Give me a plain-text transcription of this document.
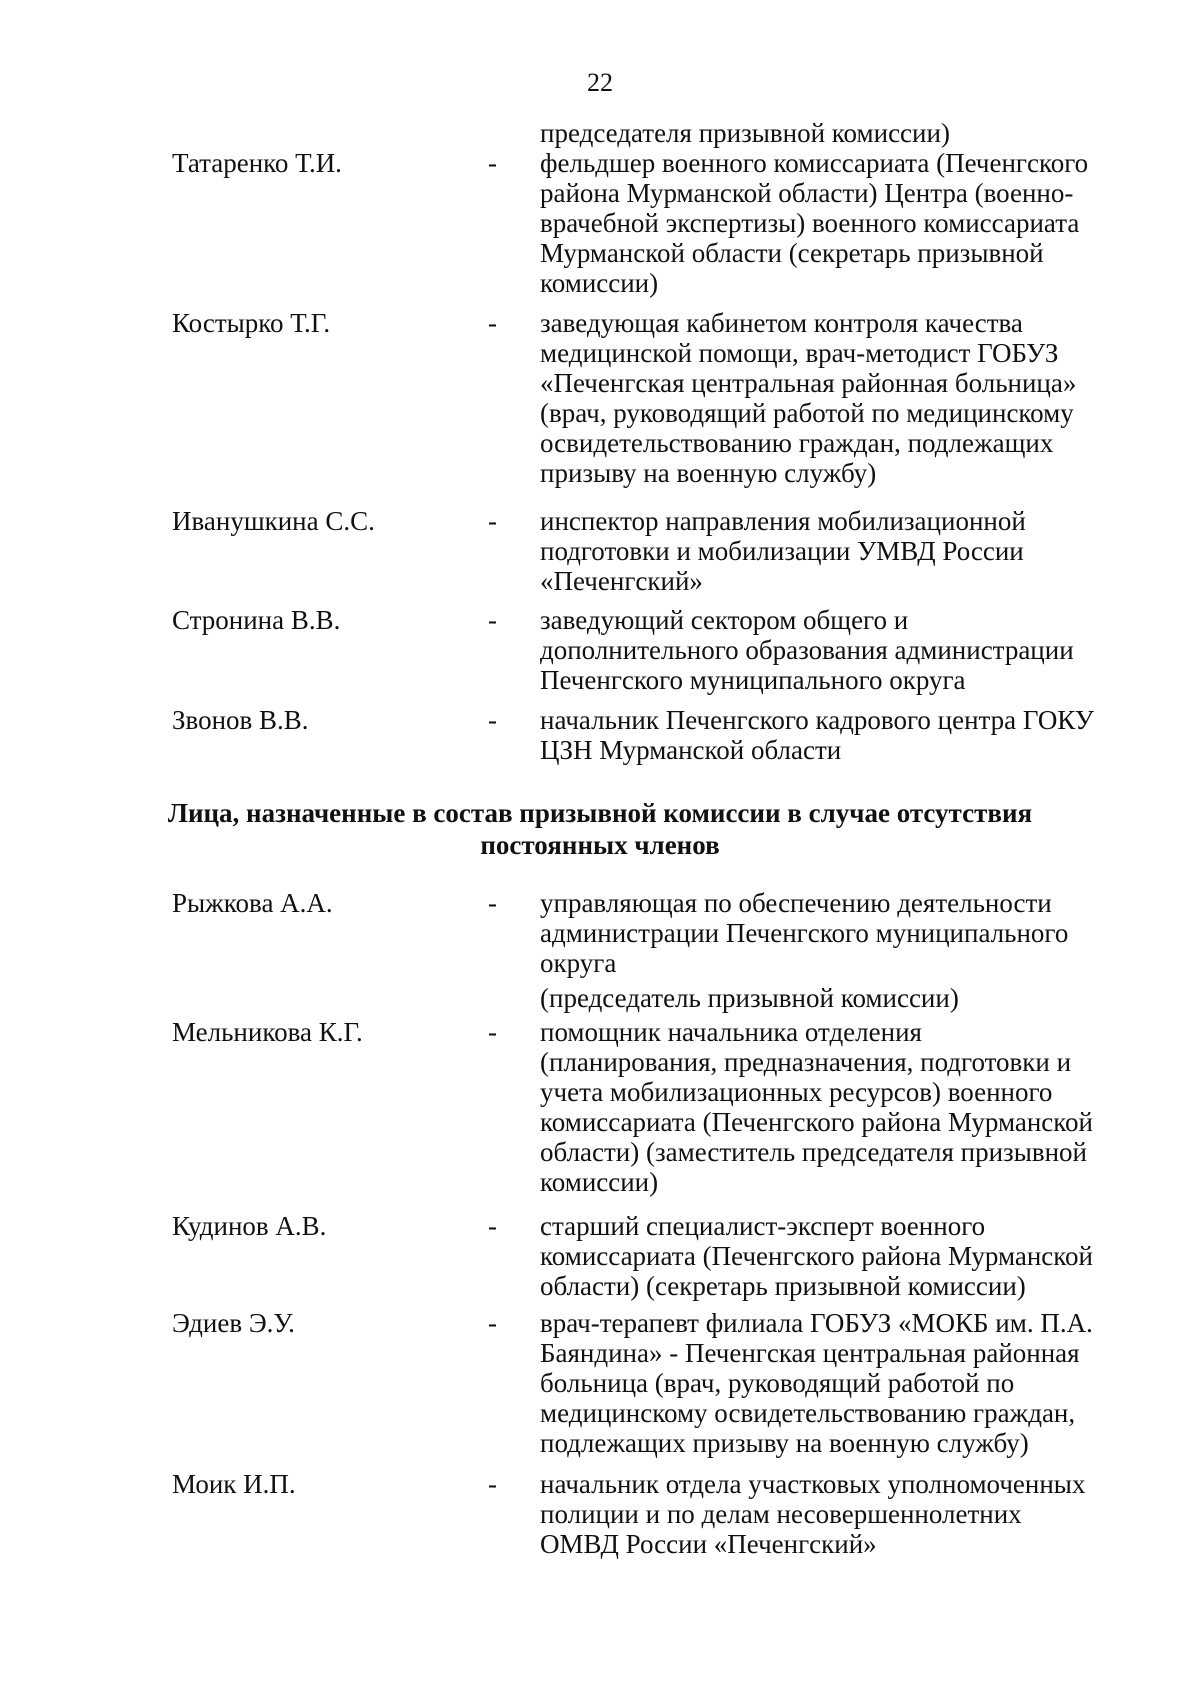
22
председателя призывной комиссии)
Татаренко Т.И.	- фельдшер военного комиссариата (Печенгского
района Мурманской области) Центра (военно-
врачебной экспертизы) военного комиссариата
Мурманской области (секретарь призывной
комиссии)
Костырко Т.Г.	- заведующая кабинетом контроля качества
медицинской помощи, врач-методист ГОБУЗ
«Печенгская центральная районная больница»
(врач, руководящий работой по медицинскому
освидетельствованию граждан, подлежащих
призыву на военную службу)
Иванушкина С.С.	- инспектор направления мобилизационной
подготовки и мобилизации УМВД России
«Печенгский»
Стронина В.В.	- заведующий сектором общего и
дополнительного образования администрации
Печенгского муниципального округа
Звонов В.В.	- начальник Печенгского кадрового центра ГОКУ
ЦЗН Мурманской области
Лица, назначенные в состав призывной комиссии в случае отсутствия
постоянных членов
Рыжкова А.А.	- управляющая по обеспечению деятельности
администрации Печенгского муниципального
округа
(председатель призывной комиссии)
Мельникова К.Г.	- помощник начальника отделения
(планирования, предназначения, подготовки и
учета мобилизационных ресурсов) военного
комиссариата (Печенгского района Мурманской
области) (заместитель председателя призывной
комиссии)
Кудинов А.В.	- старший специалист-эксперт военного
комиссариата (Печенгского района Мурманской
области) (секретарь призывной комиссии)
Эдиев Э.У.	- врач-терапевт филиала ГОБУЗ «МОКБ им. П.А.
Баяндина» - Печенгская центральная районная
больница (врач, руководящий работой по
медицинскому освидетельствованию граждан,
подлежащих призыву на военную службу)
Моик И.П.	- начальник отдела участковых уполномоченных
полиции и по делам несовершеннолетних
ОМВД России «Печенгский»
